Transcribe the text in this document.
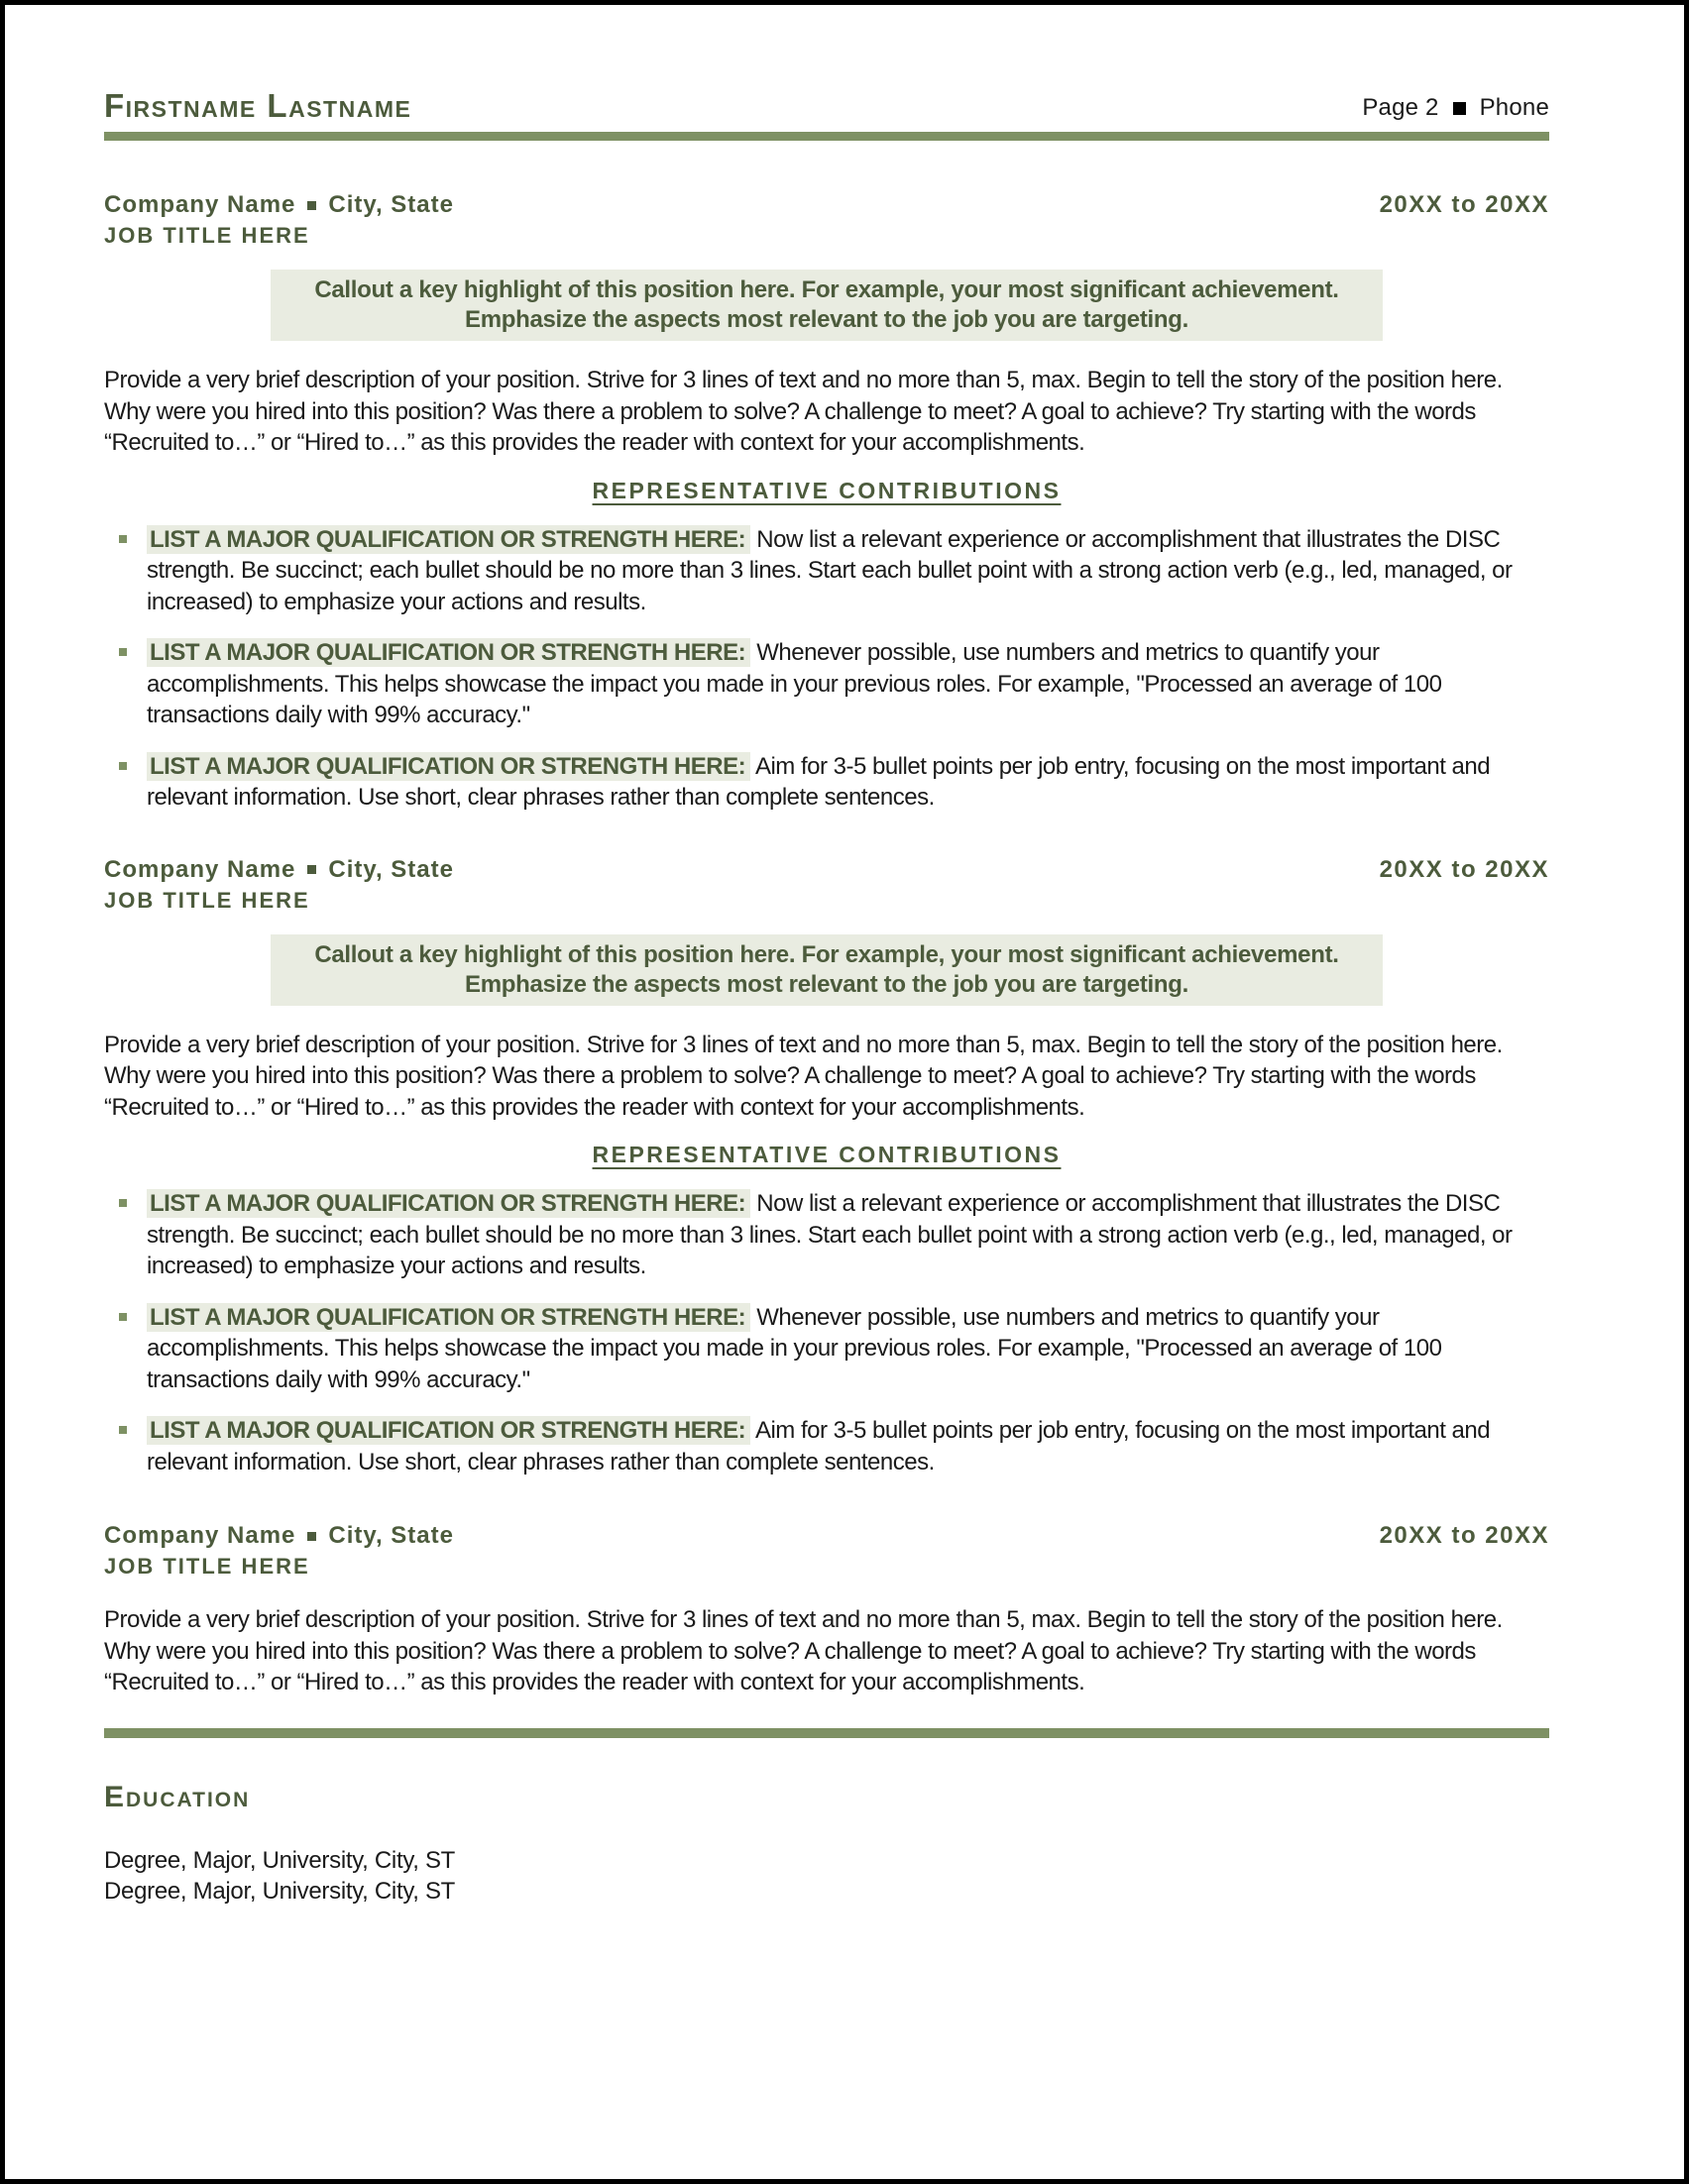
Firstname Lastname	Page 2 Phone
Company Name City, State	20XX to 20XX
JOB TITLE HERE
Callout a key highlight of this position here. For example, your most significant achievement.
Emphasize the aspects most relevant to the job you are targeting.
Provide a very brief description of your position. Strive for 3 lines of text and no more than 5, max. Begin to tell the story of the position here. Why were you hired into this position? Was there a problem to solve? A challenge to meet? A goal to achieve? Try starting with the words “Recruited to…” or “Hired to…” as this provides the reader with context for your accomplishments.
REPRESENTATIVE CONTRIBUTIONS
LIST A MAJOR QUALIFICATION OR STRENGTH HERE: Now list a relevant experience or accomplishment that illustrates the DISC strength. Be succinct; each bullet should be no more than 3 lines. Start each bullet point with a strong action verb (e.g., led, managed, or increased) to emphasize your actions and results.
LIST A MAJOR QUALIFICATION OR STRENGTH HERE: Whenever possible, use numbers and metrics to quantify your accomplishments. This helps showcase the impact you made in your previous roles. For example, "Processed an average of 100 transactions daily with 99% accuracy."
LIST A MAJOR QUALIFICATION OR STRENGTH HERE: Aim for 3-5 bullet points per job entry, focusing on the most important and relevant information. Use short, clear phrases rather than complete sentences.
Company Name City, State	20XX to 20XX
JOB TITLE HERE
Callout a key highlight of this position here. For example, your most significant achievement.
Emphasize the aspects most relevant to the job you are targeting.
Provide a very brief description of your position. Strive for 3 lines of text and no more than 5, max. Begin to tell the story of the position here. Why were you hired into this position? Was there a problem to solve? A challenge to meet? A goal to achieve? Try starting with the words “Recruited to…” or “Hired to…” as this provides the reader with context for your accomplishments.
REPRESENTATIVE CONTRIBUTIONS
LIST A MAJOR QUALIFICATION OR STRENGTH HERE: Now list a relevant experience or accomplishment that illustrates the DISC strength. Be succinct; each bullet should be no more than 3 lines. Start each bullet point with a strong action verb (e.g., led, managed, or increased) to emphasize your actions and results.
LIST A MAJOR QUALIFICATION OR STRENGTH HERE: Whenever possible, use numbers and metrics to quantify your accomplishments. This helps showcase the impact you made in your previous roles. For example, "Processed an average of 100 transactions daily with 99% accuracy."
LIST A MAJOR QUALIFICATION OR STRENGTH HERE: Aim for 3-5 bullet points per job entry, focusing on the most important and relevant information. Use short, clear phrases rather than complete sentences.
Company Name City, State	20XX to 20XX
JOB TITLE HERE
Provide a very brief description of your position. Strive for 3 lines of text and no more than 5, max. Begin to tell the story of the position here. Why were you hired into this position? Was there a problem to solve? A challenge to meet? A goal to achieve? Try starting with the words “Recruited to…” or “Hired to…” as this provides the reader with context for your accomplishments.
Education
Degree, Major, University, City, ST
Degree, Major, University, City, ST
